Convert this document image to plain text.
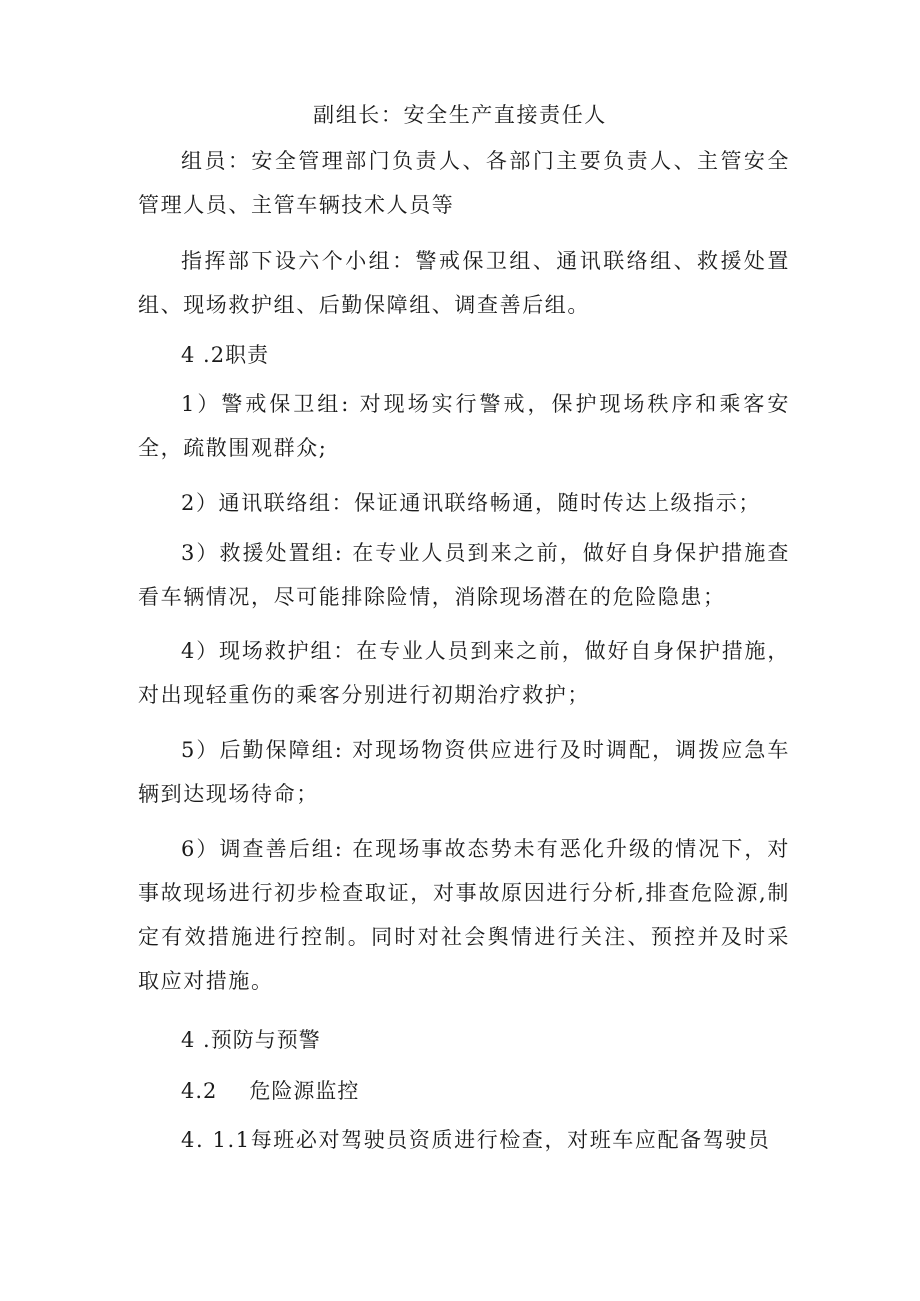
副组长：安全生产直接责任人

组员：安全管理部门负责人、各部门主要负责人、主管安全管理人员、主管车辆技术人员等

指挥部下设六个小组：警戒保卫组、通讯联络组、救援处置组、现场救护组、后勤保障组、调查善后组。

4 .2职责

1）警戒保卫组: 对现场实行警戒，保护现场秩序和乘客安全，疏散围观群众;

2）通讯联络组：保证通讯联络畅通，随时传达上级指示；

3）救援处置组: 在专业人员到来之前，做好自身保护措施查看车辆情况，尽可能排除险情，消除现场潜在的危险隐患；

4）现场救护组：在专业人员到来之前，做好自身保护措施，对出现轻重伤的乘客分别进行初期治疗救护；

5）后勤保障组: 对现场物资供应进行及时调配，调拨应急车辆到达现场待命；

6）调查善后组: 在现场事故态势未有恶化升级的情况下，对事故现场进行初步检查取证，对事故原因进行分析,排查危险源,制定有效措施进行控制。同时对社会舆情进行关注、预控并及时采取应对措施。

4 .预防与预警

4.2 危险源监控

4. 1.1每班必对驾驶员资质进行检查，对班车应配备驾驶员
